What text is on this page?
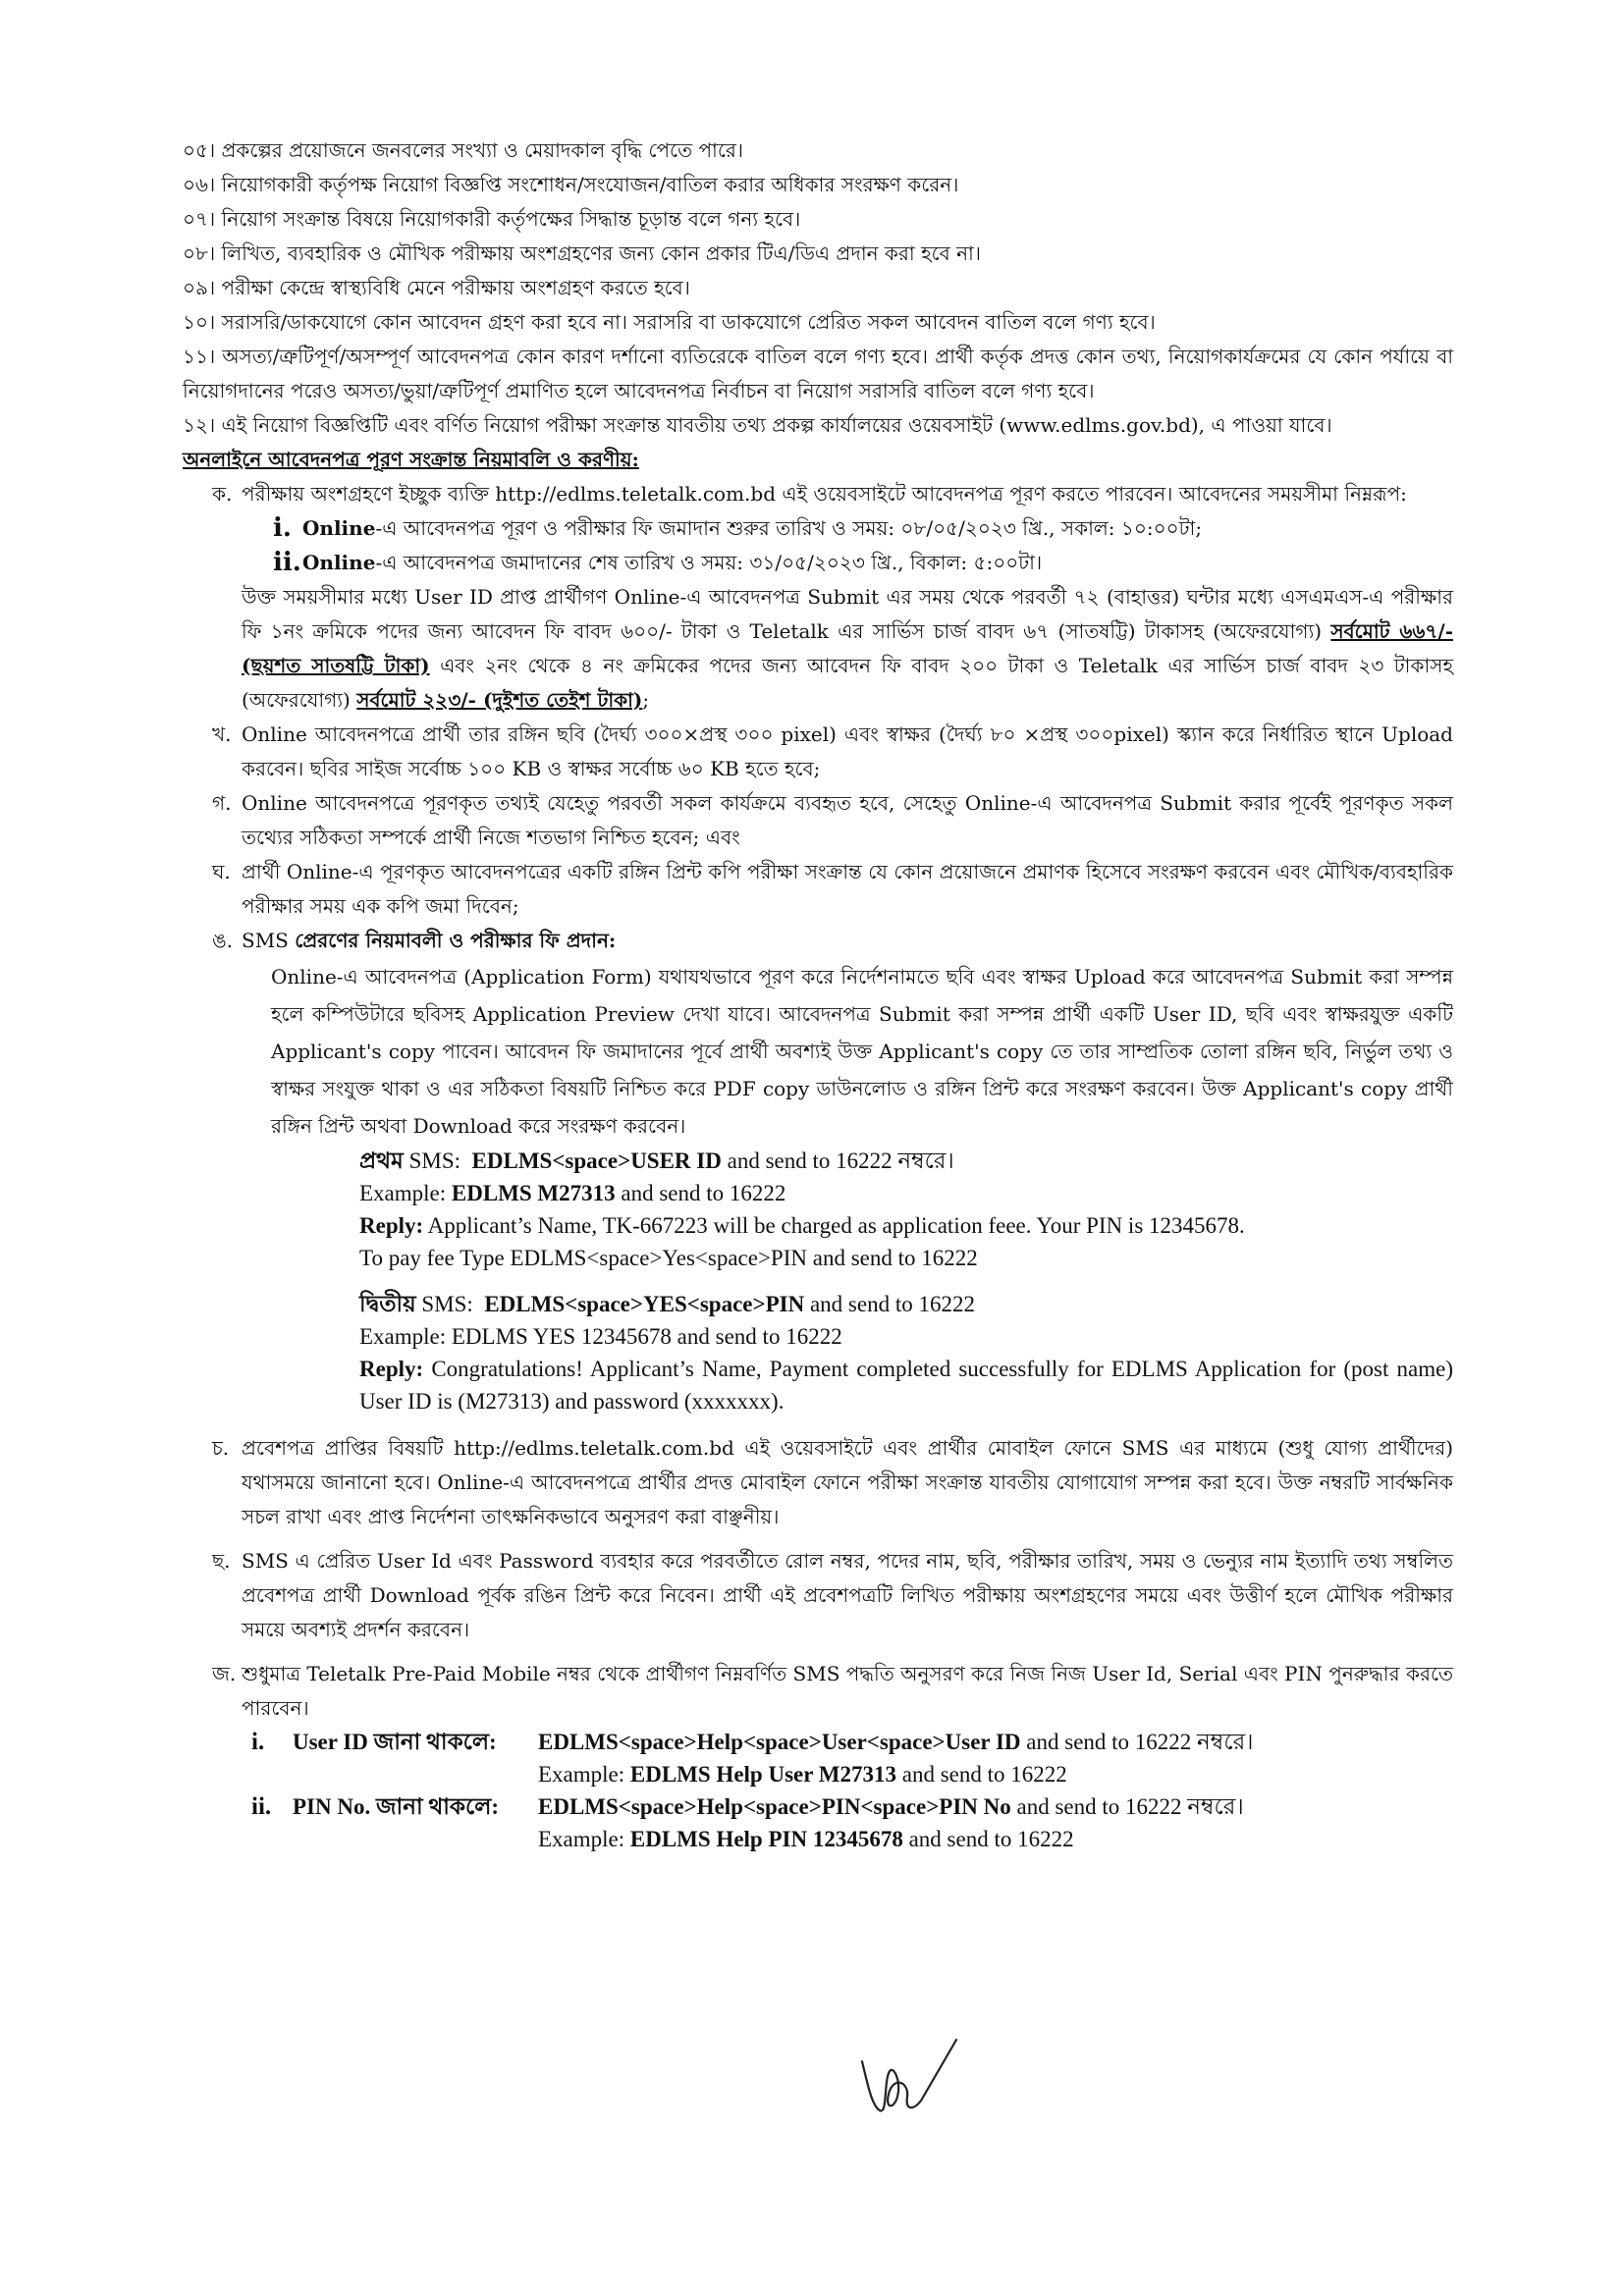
০৫। প্রকল্পের প্রয়োজনে জনবলের সংখ্যা ও মেয়াদকাল বৃদ্ধি পেতে পারে।

০৬। নিয়োগকারী কর্তৃপক্ষ নিয়োগ বিজ্ঞপ্তি সংশোধন/সংযোজন/বাতিল করার অধিকার সংরক্ষণ করেন।

০৭। নিয়োগ সংক্রান্ত বিষয়ে নিয়োগকারী কর্তৃপক্ষের সিদ্ধান্ত চূড়ান্ত বলে গন্য হবে।

০৮। লিখিত, ব্যবহারিক ও মৌখিক পরীক্ষায় অংশগ্রহণের জন্য কোন প্রকার টিএ/ডিএ প্রদান করা হবে না।

০৯। পরীক্ষা কেন্দ্রে স্বাস্থ্যবিধি মেনে পরীক্ষায় অংশগ্রহণ করতে হবে।

১০। সরাসরি/ডাকযোগে কোন আবেদন গ্রহণ করা হবে না। সরাসরি বা ডাকযোগে প্রেরিত সকল আবেদন বাতিল বলে গণ্য হবে।

১১। অসত্য/ত্রুটিপূর্ণ/অসম্পূর্ণ আবেদনপত্র কোন কারণ দর্শানো ব্যতিরেকে বাতিল বলে গণ্য হবে। প্রার্থী কর্তৃক প্রদত্ত কোন তথ্য, নিয়োগকার্যক্রমের যে কোন পর্যায়ে বা নিয়োগদানের পরেও অসত্য/ভুয়া/ত্রুটিপূর্ণ প্রমাণিত হলে আবেদনপত্র নির্বাচন বা নিয়োগ সরাসরি বাতিল বলে গণ্য হবে।

১২। এই নিয়োগ বিজ্ঞপ্তিটি এবং বর্ণিত নিয়োগ পরীক্ষা সংক্রান্ত যাবতীয় তথ্য প্রকল্প কার্যালয়ের ওয়েবসাইট (www.edlms.gov.bd), এ পাওয়া যাবে।

অনলাইনে আবেদনপত্র পূরণ সংক্রান্ত নিয়মাবলি ও করণীয়:

ক. পরীক্ষায় অংশগ্রহণে ইচ্ছুক ব্যক্তি http://edlms.teletalk.com.bd এই ওয়েবসাইটে আবেদনপত্র পূরণ করতে পারবেন। আবেদনের সময়সীমা নিম্নরূপ:
i. Online-এ আবেদনপত্র পূরণ ও পরীক্ষার ফি জমাদান শুরুর তারিখ ও সময়: ০৮/০৫/২০২৩ খ্রি., সকাল: ১০:০০টা;
ii. Online-এ আবেদনপত্র জমাদানের শেষ তারিখ ও সময়: ৩১/০৫/২০২৩ খ্রি., বিকাল: ৫:০০টা।

উক্ত সময়সীমার মধ্যে User ID প্রাপ্ত প্রার্থীগণ Online-এ আবেদনপত্র Submit এর সময় থেকে পরবর্তী ৭২ (বাহাত্তর) ঘন্টার মধ্যে এসএমএস-এ পরীক্ষার ফি ১নং ক্রমিকে পদের জন্য আবেদন ফি বাবদ ৬০০/- টাকা ও Teletalk এর সার্ভিস চার্জ বাবদ ৬৭ (সাতষট্টি) টাকাসহ (অফেরযোগ্য) সর্বমোট ৬৬৭/- (ছয়শত সাতষট্টি টাকা) এবং ২নং থেকে ৪ নং ক্রমিকের পদের জন্য আবেদন ফি বাবদ ২০০ টাকা ও Teletalk এর সার্ভিস চার্জ বাবদ ২৩ টাকাসহ (অফেরযোগ্য) সর্বমোট ২২৩/- (দুইশত তেইশ টাকা);

খ. Online আবেদনপত্রে প্রার্থী তার রঙ্গিন ছবি (দৈর্ঘ্য ৩০০×প্রস্থ ৩০০ pixel) এবং স্বাক্ষর (দৈর্ঘ্য ৮০ ×প্রস্থ ৩০০pixel) স্ক্যান করে নির্ধারিত স্থানে Upload করবেন। ছবির সাইজ সর্বোচ্চ ১০০ KB ও স্বাক্ষর সর্বোচ্চ ৬০ KB হতে হবে;
গ. Online আবেদনপত্রে পূরণকৃত তথ্যই যেহেতু পরবর্তী সকল কার্যক্রমে ব্যবহৃত হবে, সেহেতু Online-এ আবেদনপত্র Submit করার পূর্বেই পূরণকৃত সকল তথ্যের সঠিকতা সম্পর্কে প্রার্থী নিজে শতভাগ নিশ্চিত হবেন; এবং
ঘ. প্রার্থী Online-এ পূরণকৃত আবেদনপত্রের একটি রঙ্গিন প্রিন্ট কপি পরীক্ষা সংক্রান্ত যে কোন প্রয়োজনে প্রমাণক হিসেবে সংরক্ষণ করবেন এবং মৌখিক/ব্যবহারিক পরীক্ষার সময় এক কপি জমা দিবেন;
ঙ. SMS প্রেরণের নিয়মাবলী ও পরীক্ষার ফি প্রদান:

Online-এ আবেদনপত্র (Application Form) যথাযথভাবে পূরণ করে নির্দেশনামতে ছবি এবং স্বাক্ষর Upload করে আবেদনপত্র Submit করা সম্পন্ন হলে কম্পিউটারে ছবিসহ Application Preview দেখা যাবে। আবেদনপত্র Submit করা সম্পন্ন প্রার্থী একটি User ID, ছবি এবং স্বাক্ষরযুক্ত একটি Applicant's copy পাবেন। আবেদন ফি জমাদানের পূর্বে প্রার্থী অবশ্যই উক্ত Applicant's copy তে তার সাম্প্রতিক তোলা রঙ্গিন ছবি, নির্ভুল তথ্য ও স্বাক্ষর সংযুক্ত থাকা ও এর সঠিকতা বিষয়টি নিশ্চিত করে PDF copy ডাউনলোড ও রঙ্গিন প্রিন্ট করে সংরক্ষণ করবেন। উক্ত Applicant's copy প্রার্থী রঙ্গিন প্রিন্ট অথবা Download করে সংরক্ষণ করবেন।

প্রথম SMS: EDLMS<space>USER ID and send to 16222 নম্বরে।
Example: EDLMS M27313 and send to 16222
Reply: Applicant’s Name, TK-667223 will be charged as application feee. Your PIN is 12345678.
To pay fee Type EDLMS<space>Yes<space>PIN and send to 16222
দ্বিতীয় SMS: EDLMS<space>YES<space>PIN and send to 16222
Example: EDLMS YES 12345678 and send to 16222
Reply: Congratulations! Applicant’s Name, Payment completed successfully for EDLMS Application for (post name) User ID is (M27313) and password (xxxxxxx).
চ. প্রবেশপত্র প্রাপ্তির বিষয়টি http://edlms.teletalk.com.bd এই ওয়েবসাইটে এবং প্রার্থীর মোবাইল ফোনে SMS এর মাধ্যমে (শুধু যোগ্য প্রার্থীদের) যথাসময়ে জানানো হবে। Online-এ আবেদনপত্রে প্রার্থীর প্রদত্ত মোবাইল ফোনে পরীক্ষা সংক্রান্ত যাবতীয় যোগাযোগ সম্পন্ন করা হবে। উক্ত নম্বরটি সার্বক্ষনিক সচল রাখা এবং প্রাপ্ত নির্দেশনা তাৎক্ষনিকভাবে অনুসরণ করা বাঞ্ছনীয়।
ছ. SMS এ প্রেরিত User Id এবং Password ব্যবহার করে পরবর্তীতে রোল নম্বর, পদের নাম, ছবি, পরীক্ষার তারিখ, সময় ও ভেন্যুর নাম ইত্যাদি তথ্য সম্বলিত প্রবেশপত্র প্রার্থী Download পূর্বক রঙিন প্রিন্ট করে নিবেন। প্রার্থী এই প্রবেশপত্রটি লিখিত পরীক্ষায় অংশগ্রহণের সময়ে এবং উত্তীর্ণ হলে মৌখিক পরীক্ষার সময়ে অবশ্যই প্রদর্শন করবেন।
জ. শুধুমাত্র Teletalk Pre-Paid Mobile নম্বর থেকে প্রার্থীগণ নিম্নবর্ণিত SMS পদ্ধতি অনুসরণ করে নিজ নিজ User Id, Serial এবং PIN পুনরুদ্ধার করতে পারবেন।
i.	User ID জানা থাকলে:	EDLMS<space>Help<space>User<space>User ID and send to 16222 নম্বরে।
Example: EDLMS Help User M27313 and send to 16222
ii. PIN No. জানা থাকলে:	EDLMS<space>Help<space>PIN<space>PIN No and send to 16222 নম্বরে।
Example: EDLMS Help PIN 12345678 and send to 16222
